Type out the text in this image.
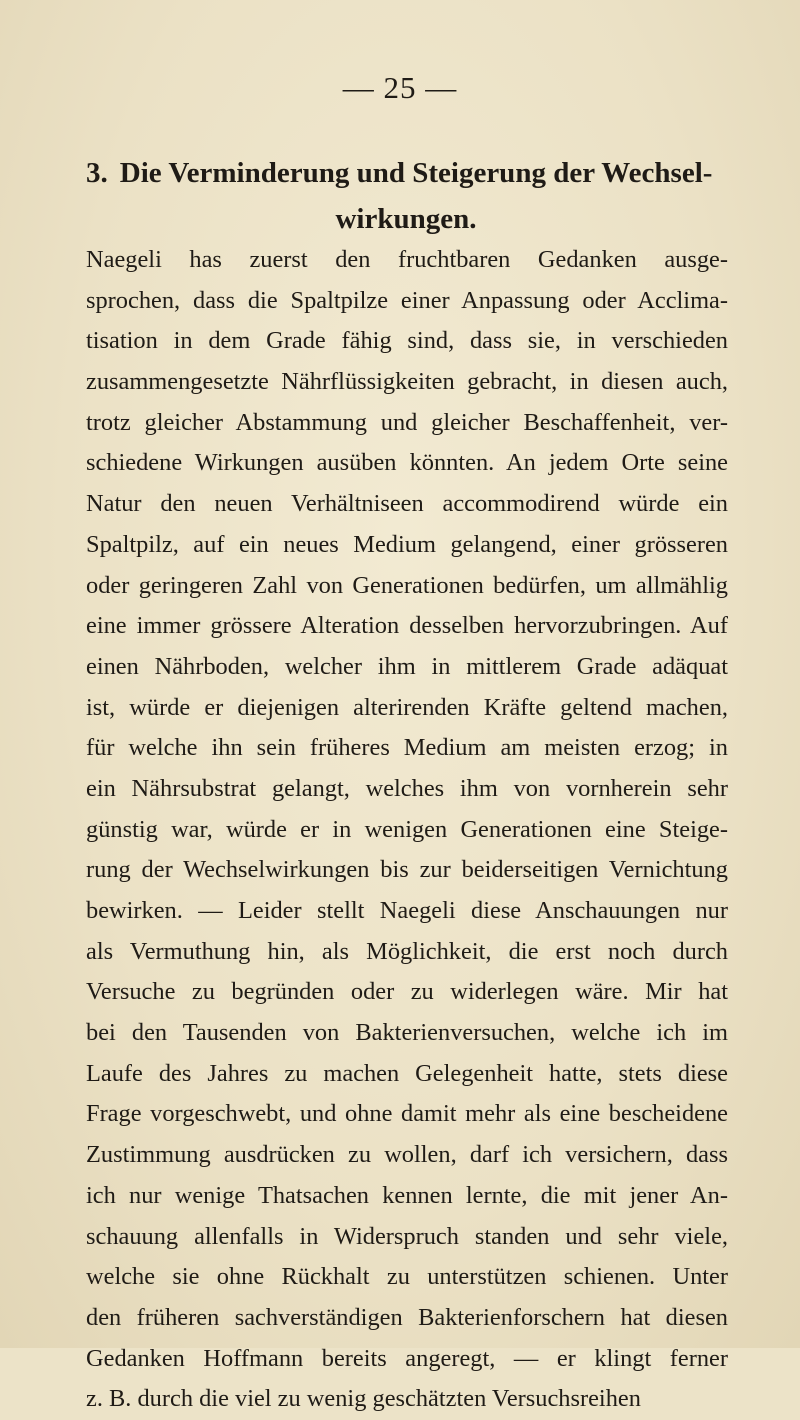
— 25 —
3. Die Verminderung und Steigerung der Wechsel-
wirkungen.
Naegeli has zuerst den fruchtbaren Gedanken ausge-
sprochen, dass die Spaltpilze einer Anpassung oder Acclima-
tisation in dem Grade fähig sind, dass sie, in verschieden
zusammengesetzte Nährflüssigkeiten gebracht, in diesen auch,
trotz gleicher Abstammung und gleicher Beschaffenheit, ver-
schiedene Wirkungen ausüben könnten. An jedem Orte seine
Natur den neuen Verhältniseen accommodirend würde ein
Spaltpilz, auf ein neues Medium gelangend, einer grösseren
oder geringeren Zahl von Generationen bedürfen, um allmählig
eine immer grössere Alteration desselben hervorzubringen. Auf
einen Nährboden, welcher ihm in mittlerem Grade adäquat
ist, würde er diejenigen alterirenden Kräfte geltend machen,
für welche ihn sein früheres Medium am meisten erzog; in
ein Nährsubstrat gelangt, welches ihm von vornherein sehr
günstig war, würde er in wenigen Generationen eine Steige-
rung der Wechselwirkungen bis zur beiderseitigen Vernichtung
bewirken. — Leider stellt Naegeli diese Anschauungen nur
als Vermuthung hin, als Möglichkeit, die erst noch durch
Versuche zu begründen oder zu widerlegen wäre. Mir hat
bei den Tausenden von Bakterienversuchen, welche ich im
Laufe des Jahres zu machen Gelegenheit hatte, stets diese
Frage vorgeschwebt, und ohne damit mehr als eine bescheidene
Zustimmung ausdrücken zu wollen, darf ich versichern, dass
ich nur wenige Thatsachen kennen lernte, die mit jener An-
schauung allenfalls in Widerspruch standen und sehr viele,
welche sie ohne Rückhalt zu unterstützen schienen. Unter
den früheren sachverständigen Bakterienforschern hat diesen
Gedanken Hoffmann bereits angeregt, — er klingt ferner
z. B. durch die viel zu wenig geschätzten Versuchsreihen
